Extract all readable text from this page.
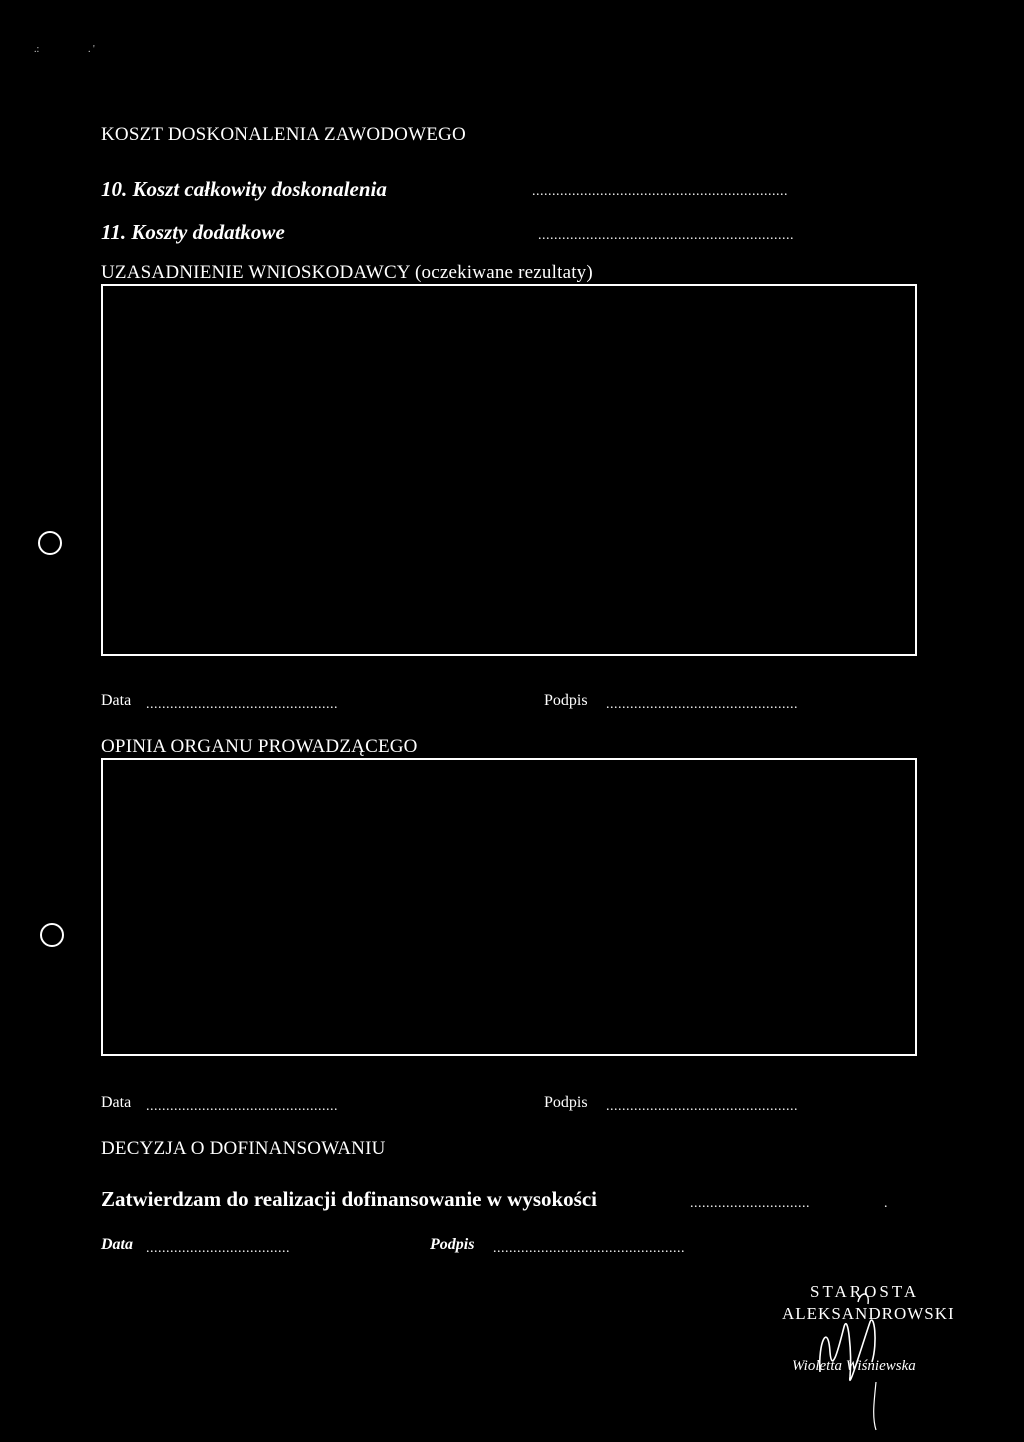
.:	. '
KOSZT DOSKONALENIA ZAWODOWEGO
10. Koszt całkowity doskonalenia	................................................................
11. Koszty dodatkowe	................................................................
UZASADNIENIE WNIOSKODAWCY (oczekiwane rezultaty)
Data ................................................	Podpis ................................................
OPINIA ORGANU PROWADZĄCEGO
Data ................................................	Podpis ................................................
DECYZJA O DOFINANSOWANIU
Zatwierdzam do realizacji dofinansowanie w wysokości	..............................	.
Data ....................................	Podpis ................................................
STAROSTA
ALEKSANDROWSKI
Wioletta Wiśniewska
